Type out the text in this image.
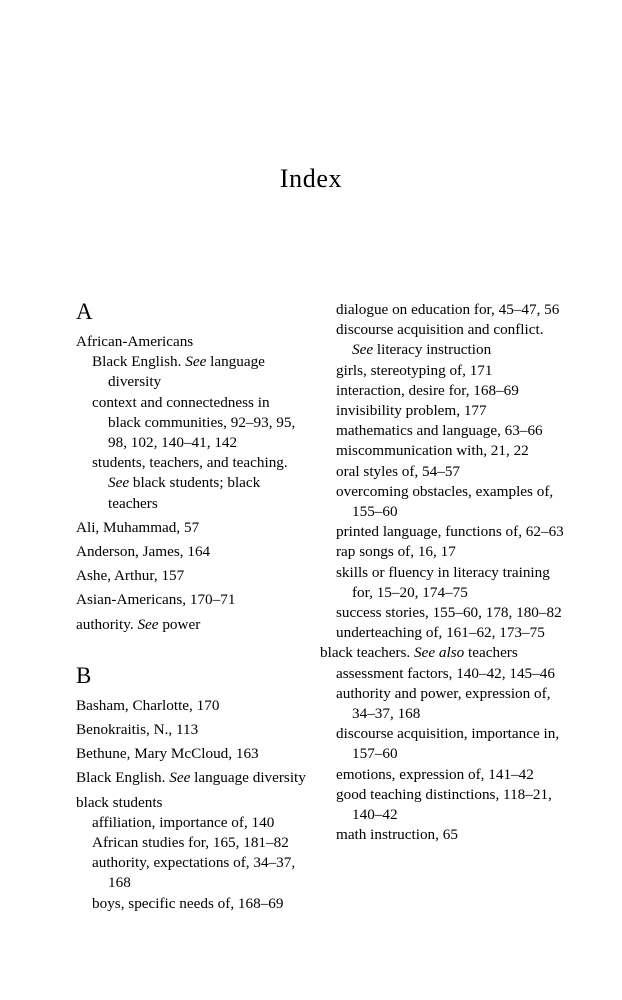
Index
A
African-Americans
Black English. See language diversity
context and connectedness in black communities, 92–93, 95, 98, 102, 140–41, 142
students, teachers, and teaching. See black students; black teachers
Ali, Muhammad, 57
Anderson, James, 164
Ashe, Arthur, 157
Asian-Americans, 170–71
authority. See power
B
Basham, Charlotte, 170
Benokraitis, N., 113
Bethune, Mary McCloud, 163
Black English. See language diversity
black students
affiliation, importance of, 140
African studies for, 165, 181–82
authority, expectations of, 34–37, 168
boys, specific needs of, 168–69
dialogue on education for, 45–47, 56
discourse acquisition and conflict. See literacy instruction
girls, stereotyping of, 171
interaction, desire for, 168–69
invisibility problem, 177
mathematics and language, 63–66
miscommunication with, 21, 22
oral styles of, 54–57
overcoming obstacles, examples of, 155–60
printed language, functions of, 62–63
rap songs of, 16, 17
skills or fluency in literacy training for, 15–20, 174–75
success stories, 155–60, 178, 180–82
underteaching of, 161–62, 173–75
black teachers. See also teachers
assessment factors, 140–42, 145–46
authority and power, expression of, 34–37, 168
discourse acquisition, importance in, 157–60
emotions, expression of, 141–42
good teaching distinctions, 118–21, 140–42
math instruction, 65
